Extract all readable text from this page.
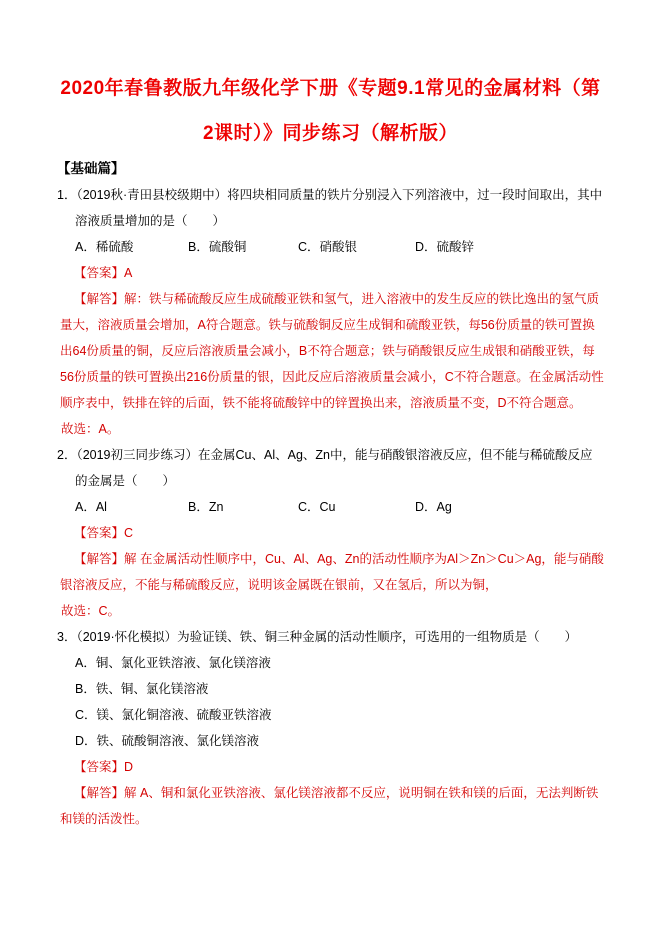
2020年春鲁教版九年级化学下册《专题9.1常见的金属材料（第2课时）》同步练习（解析版）
【基础篇】
1．（2019秋·青田县校级期中）将四块相同质量的铁片分别浸入下列溶液中，过一段时间取出，其中溶液质量增加的是（　　）
A．稀硫酸	B．硫酸铜	C．硝酸银	D．硫酸锌
【答案】A
【解答】解：铁与稀硫酸反应生成硫酸亚铁和氢气，进入溶液中的发生反应的铁比逸出的氢气质量大，溶液质量会增加，A符合题意。铁与硫酸铜反应生成铜和硫酸亚铁，每56份质量的铁可置换出64份质量的铜，反应后溶液质量会减小，B不符合题意；铁与硝酸银反应生成银和硝酸亚铁，每56份质量的铁可置换出216份质量的银，因此反应后溶液质量会减小，C不符合题意。在金属活动性顺序表中，铁排在锌的后面，铁不能将硫酸锌中的锌置换出来，溶液质量不变，D不符合题意。
故选：A。
2．（2019初三同步练习）在金属Cu、Al、Ag、Zn中，能与硝酸银溶液反应，但不能与稀硫酸反应的金属是（　　）
A．Al	B．Zn	C．Cu	D．Ag
【答案】C
【解答】解 在金属活动性顺序中，Cu、Al、Ag、Zn的活动性顺序为Al＞Zn＞Cu＞Ag，能与硝酸银溶液反应，不能与稀硫酸反应，说明该金属既在银前，又在氢后，所以为铜，
故选：C。
3．（2019·怀化模拟）为验证镁、铁、铜三种金属的活动性顺序，可选用的一组物质是（　　）
A．铜、氯化亚铁溶液、氯化镁溶液
B．铁、铜、氯化镁溶液
C．镁、氯化铜溶液、硫酸亚铁溶液
D．铁、硫酸铜溶液、氯化镁溶液
【答案】D
【解答】解 A、铜和氯化亚铁溶液、氯化镁溶液都不反应，说明铜在铁和镁的后面，无法判断铁和镁的活泼性。
